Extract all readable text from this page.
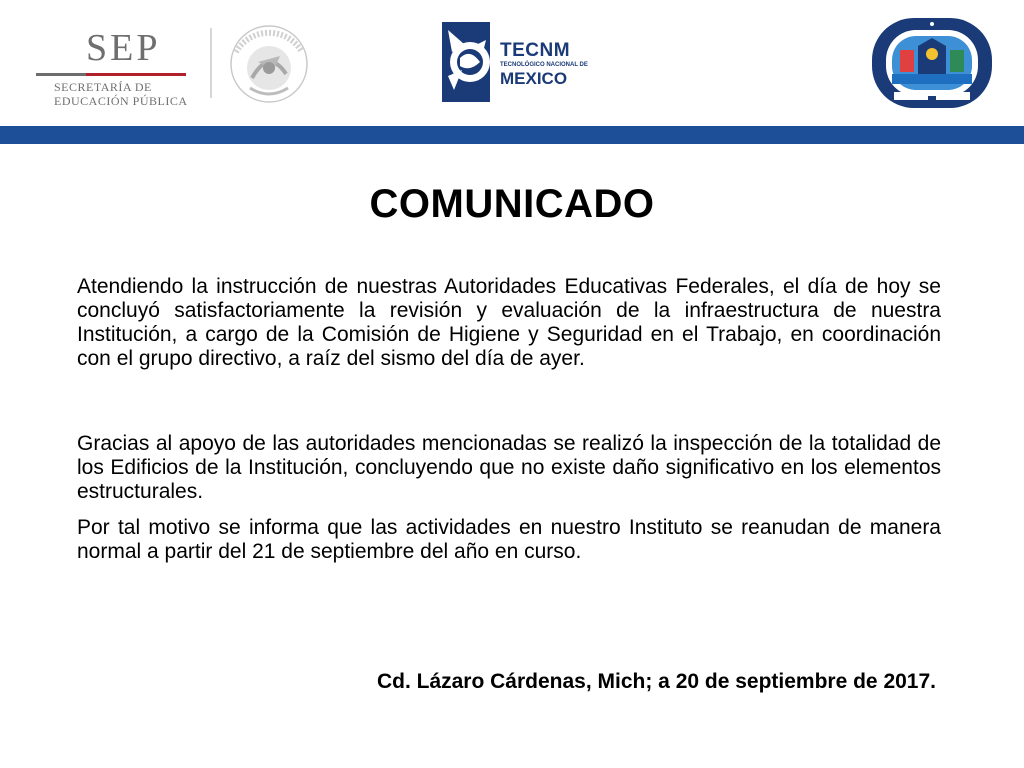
SEP
SECRETARÍA DE
EDUCACIÓN PÚBLICA
TECNM
TECNOLÓGICO NACIONAL DE
MEXICO
COMUNICADO
Atendiendo la instrucción de nuestras Autoridades Educativas Federales, el día de hoy se concluyó satisfactoriamente la revisión y evaluación de la infraestructura de nuestra Institución, a cargo de la Comisión de Higiene y Seguridad en el Trabajo, en coordinación con el grupo directivo, a raíz del sismo del día de ayer.
Gracias al apoyo de las autoridades mencionadas se realizó la inspección de la totalidad de los Edificios de la Institución, concluyendo que no existe daño significativo en los elementos estructurales.
Por tal motivo se informa que las actividades en nuestro Instituto se reanudan de manera normal a partir del 21 de septiembre del año en curso.
Cd. Lázaro Cárdenas, Mich; a 20 de septiembre de 2017.
